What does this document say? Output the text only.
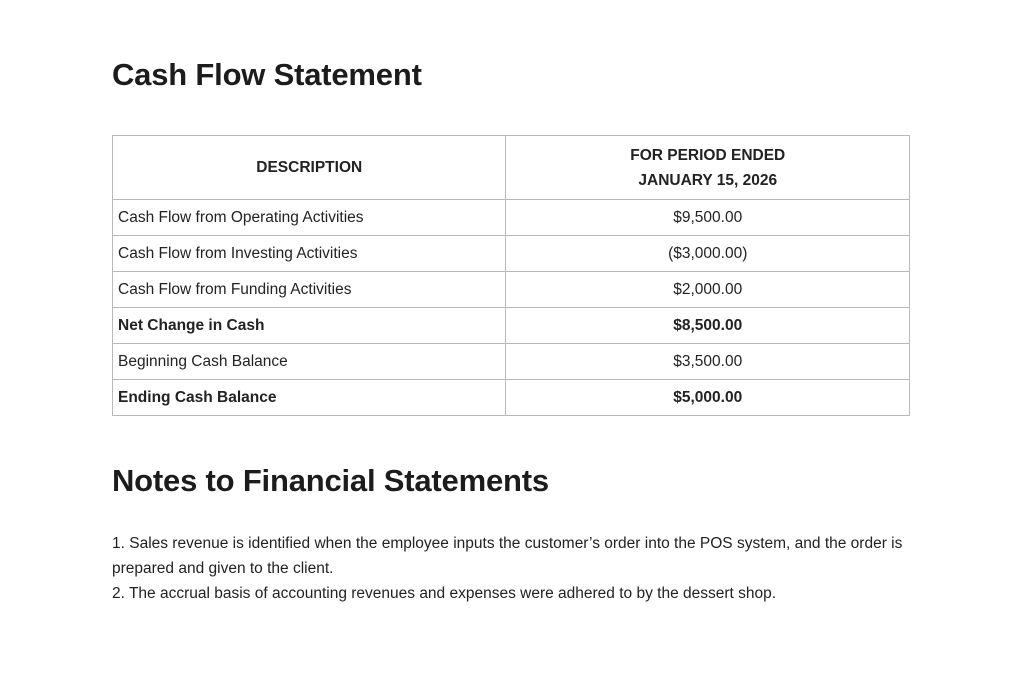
Cash Flow Statement
DESCRIPTION	FOR PERIOD ENDED
JANUARY 15, 2026

Cash Flow from Operating Activities	$9,500.00
Cash Flow from Investing Activities	($3,000.00)
Cash Flow from Funding Activities	$2,000.00
Net Change in Cash	$8,500.00
Beginning Cash Balance	$3,500.00
Ending Cash Balance	$5,000.00
Notes to Financial Statements

1. Sales revenue is identified when the employee inputs the customer’s order into the POS system, and the order is prepared and given to the client.

2. The accrual basis of accounting revenues and expenses were adhered to by the dessert shop.
